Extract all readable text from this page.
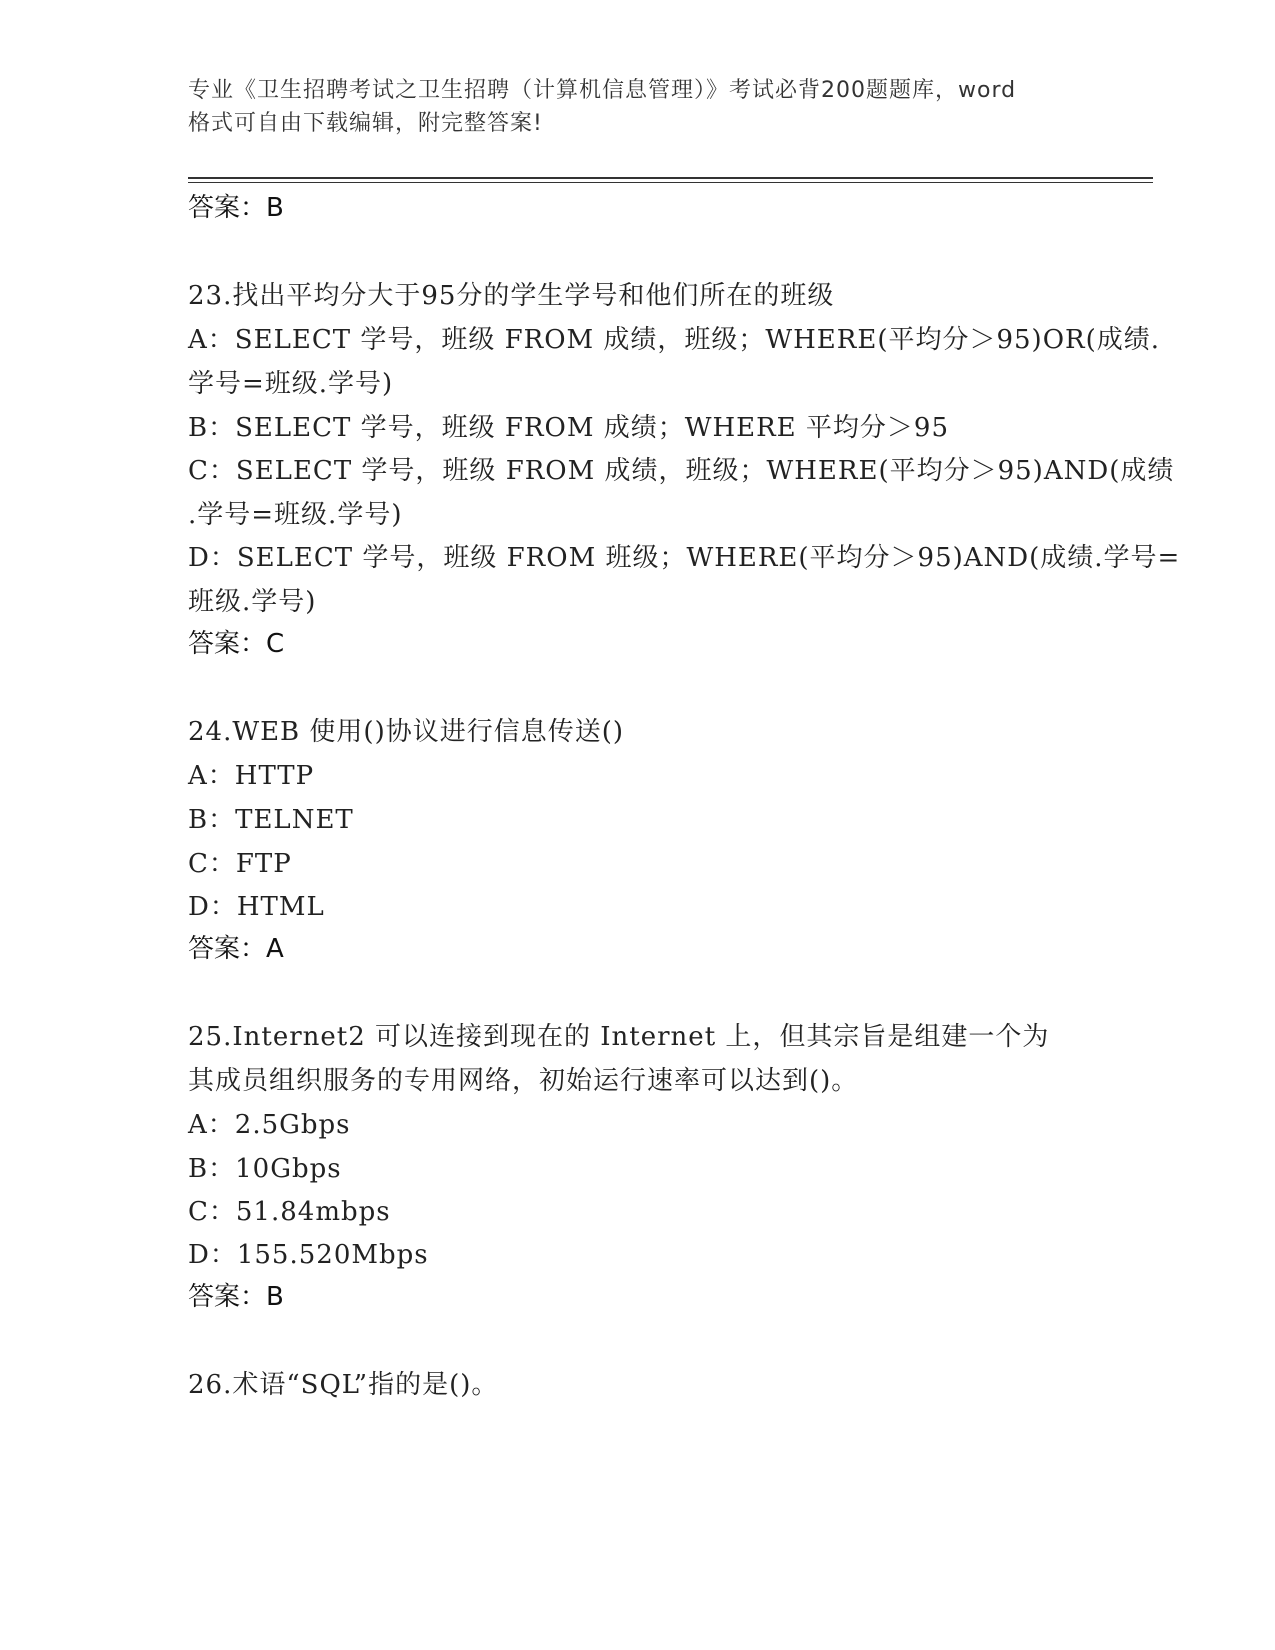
专业《卫生招聘考试之卫生招聘（计算机信息管理）》考试必背200题题库，word
格式可自由下载编辑，附完整答案!
答案：B
23.找出平均分大于95分的学生学号和他们所在的班级
A：SELECT 学号，班级 FROM 成绩，班级；WHERE(平均分＞95)OR(成绩.
学号=班级.学号)
B：SELECT 学号，班级 FROM 成绩；WHERE 平均分＞95
C：SELECT 学号，班级 FROM 成绩，班级；WHERE(平均分＞95)AND(成绩
.学号=班级.学号)
D：SELECT 学号，班级 FROM 班级；WHERE(平均分＞95)AND(成绩.学号=
班级.学号)
答案：C
24.WEB 使用()协议进行信息传送()
A：HTTP
B：TELNET
C：FTP
D：HTML
答案：A
25.Internet2 可以连接到现在的 Internet 上，但其宗旨是组建一个为
其成员组织服务的专用网络，初始运行速率可以达到()。
A：2.5Gbps
B：10Gbps
C：51.84mbps
D：155.520Mbps
答案：B
26.术语“SQL”指的是()。
